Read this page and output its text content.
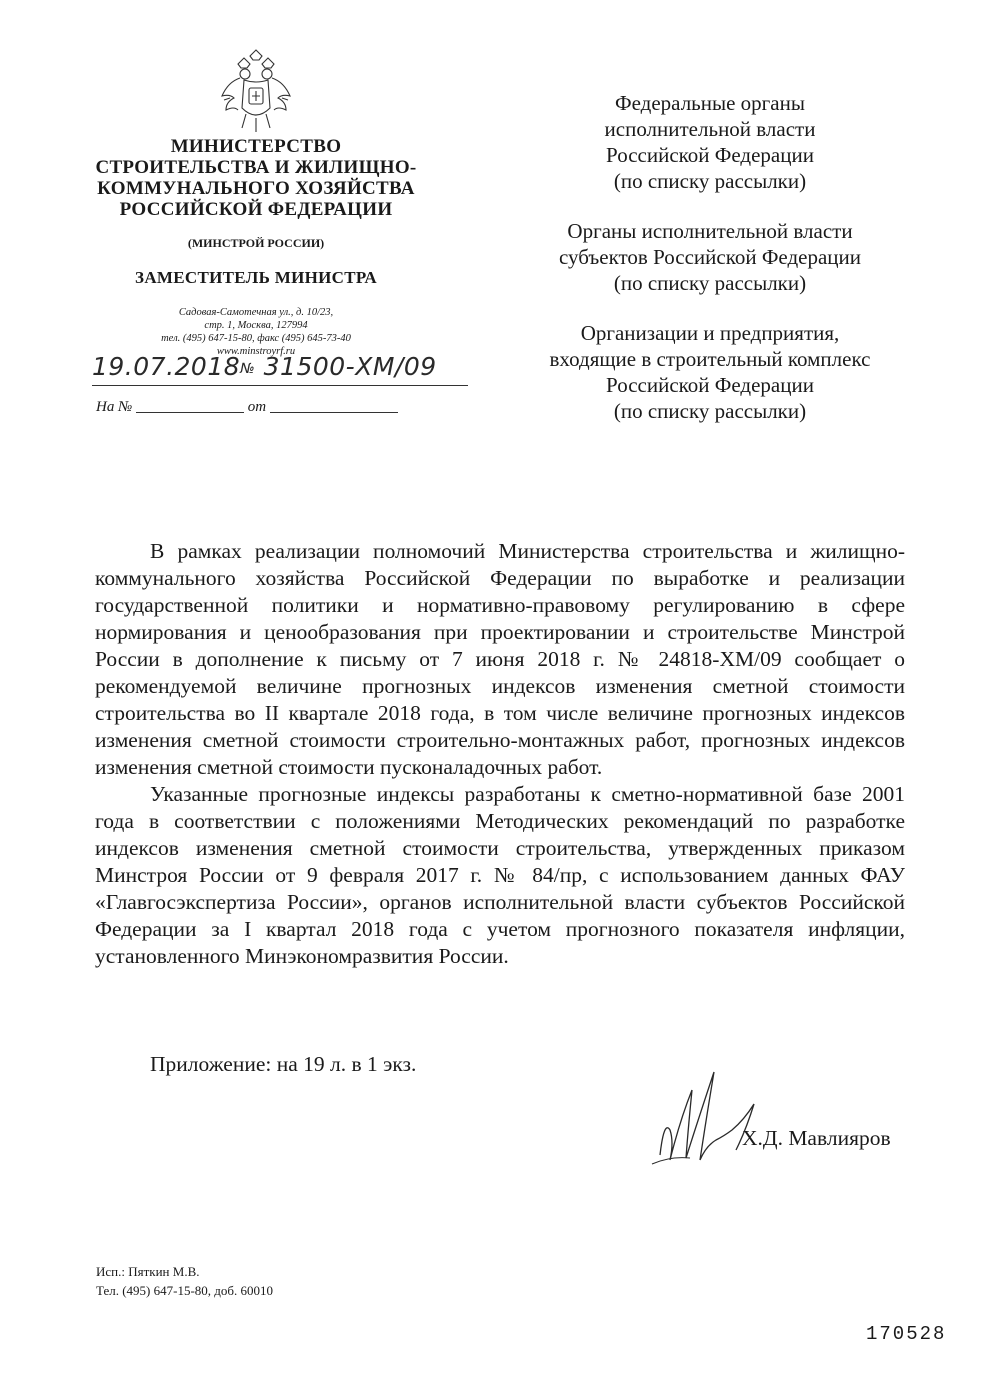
МИНИСТЕРСТВО
СТРОИТЕЛЬСТВА И ЖИЛИЩНО-
КОММУНАЛЬНОГО ХОЗЯЙСТВА
РОССИЙСКОЙ ФЕДЕРАЦИИ
(МИНСТРОЙ РОССИИ)
ЗАМЕСТИТЕЛЬ МИНИСТРА
Садовая-Самотечная ул., д. 10/23,
стр. 1, Москва, 127994
тел. (495) 647-15-80, факс (495) 645-73-40
www.minstroyrf.ru
19.07.2018№ 31500-ХМ/09
На №	от
Федеральные органы
исполнительной власти
Российской Федерации
(по списку рассылки)
Органы исполнительной власти
субъектов Российской Федерации
(по списку рассылки)
Организации и предприятия,
входящие в строительный комплекс
Российской Федерации
(по списку рассылки)

В рамках реализации полномочий Министерства строительства и жилищно-коммунального хозяйства Российской Федерации по выработке и реализации государственной политики и нормативно-правовому регулированию в сфере нормирования и ценообразования при проектировании и строительстве Минстрой России в дополнение к письму от 7 июня 2018 г. № 24818-ХМ/09 сообщает о рекомендуемой величине прогнозных индексов изменения сметной стоимости строительства во II квартале 2018 года, в том числе величине прогнозных индексов изменения сметной стоимости строительно-монтажных работ, прогнозных индексов изменения сметной стоимости пусконаладочных работ.

Указанные прогнозные индексы разработаны к сметно-нормативной базе 2001 года в соответствии с положениями Методических рекомендаций по разработке индексов изменения сметной стоимости строительства, утвержденных приказом Минстроя России от 9 февраля 2017 г. № 84/пр, с использованием данных ФАУ «Главгосэкспертиза России», органов исполнительной власти субъектов Российской Федерации за I квартал 2018 года с учетом прогнозного показателя инфляции, установленного Минэкономразвития России.

Приложение: на 19 л. в 1 экз.
Х.Д. Мавлияров
Исп.: Пяткин М.В.
Тел. (495) 647-15-80, доб. 60010
170528
